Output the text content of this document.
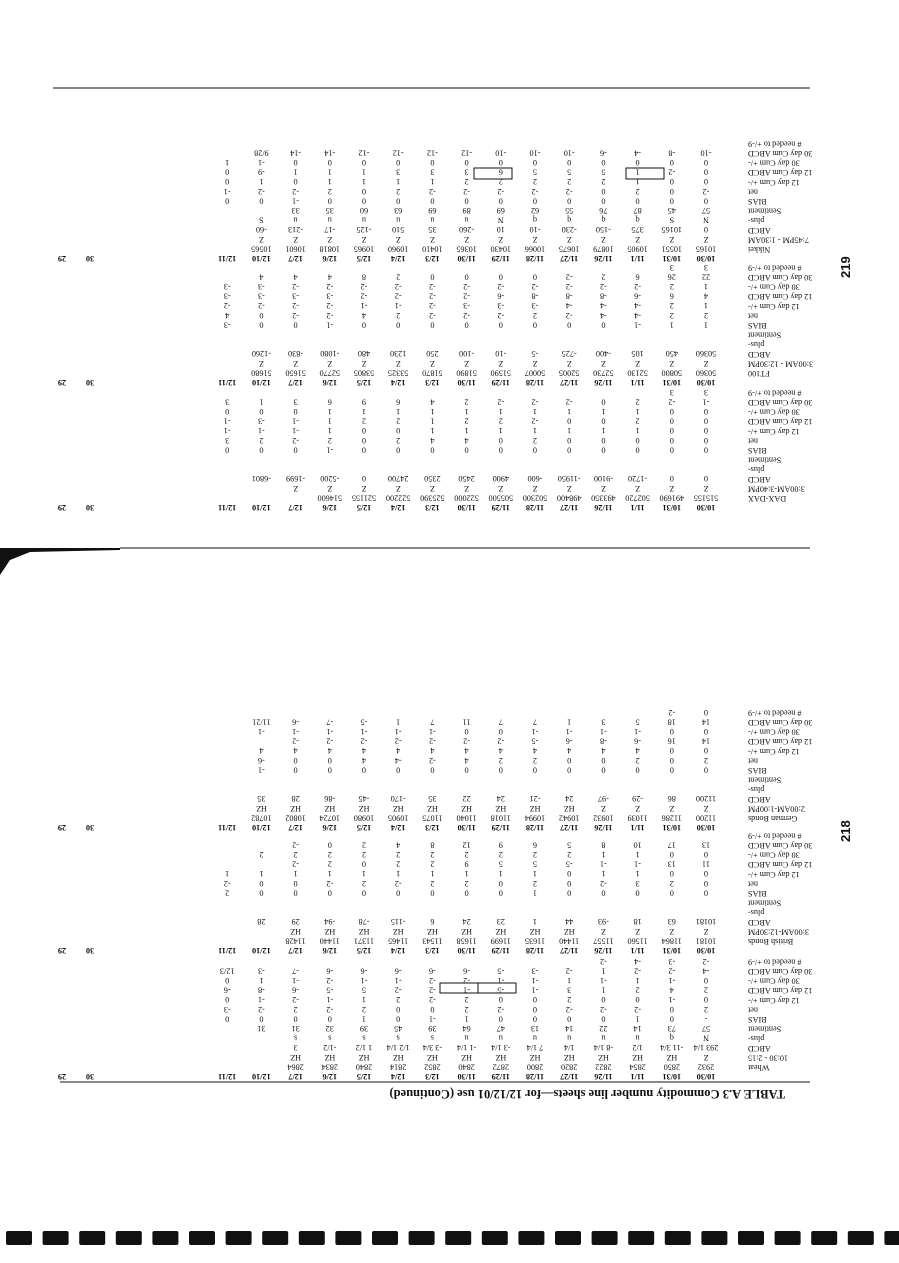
219
218
TABLE A.3 Commodity number line sheets—for 12/12/01 use (Continued)
10/30
10/31
11/1
11/26
11/27
11/28
11/29
11/30
12/3
12/4
12/5
12/6
12/7
12/10
12/11
30
29
Wheat
10:30 - 2:15
ABCD
plus-
Sentiment
BIAS
net
12 day Cum +/-
12 day Cum ABCD
30 day Cum +/-
30 day Cum ABCD
# needed to +/-9
2932
2850
2854
2822
2820
2800
2872
2840
2852
2814
2840
2834
2864
Z
HZ
HZ
HZ
HZ
HZ
HZ
HZ
HZ
HZ
HZ
HZ
HZ
293 1/4
-11 3/4
1/2
-8 1/4
1/4
7 1/4
-3 1/4
-1 1/4
-3 3/4
1/2 1/4
1 1/2
-1/2
3
N
q
u
u
u
u
u
u
s
s
s
s
s
57
73
14
22
14
13
47
64
39
45
39
32
31
31
-
0
1
0
0
0
0
1
-1
0
1
0
0
0
0
2
0
-2
-2
-2
0
-2
2
0
0
2
-2
2
-2
-3
0
-1
0
0
2
0
0
2
-2
2
1
-1
-2
-1
0
2
4
2
1
3
-1
-5
-1
-2
-2
5
-5
-6
-8
-6
0
-1
1
-1
1
-1
-1
-2
-2
-1
-1
-2
-1
1
0
-4
-2
-2
1
-2
-3
-5
-6
-6
-6
-6
-6
-7
-3
12/3
-2
-3
-4
-2
10/30
10/31
11/1
11/26
11/27
11/28
11/29
11/30
12/3
12/4
12/5
12/6
12/7
12/10
12/11
30
29
British Bonds
3:00AM-12:30PM
ABCD
plus-
Sentiment
BIAS
net
12 day Cum +/-
12 day Cum ABCD
30 day Cum +/-
30 day Cum ABCD
# needed to +/-9
10181
11864
11560
11557
11440
11635
11699
11658
11543
11465
11371
11440
11428
Z
Z
Z
Z
HZ
HZ
HZ
HZ
HZ
HZ
HZ
HZ
HZ
10181
63
18
-93
44
1
23
24
6
-115
-78
-94
29
28
0
0
0
0
0
1
0
0
0
0
0
0
0
0
2
0
2
3
-2
0
2
0
2
2
-2
2
-2
0
0
-2
0
0
1
1
0
1
1
1
1
1
1
1
1
1
1
11
13
-1
-1
-5
5
5
9
2
2
0
2
-2
0
0
1
1
2
2
2
2
2
2
2
2
2
2
13
17
10
8
5
6
9
12
8
4
2
0
-2
10/30
10/31
11/1
11/26
11/27
11/28
11/29
11/30
12/3
12/4
12/5
12/6
12/7
12/10
12/11
30
29
German Bonds
2:00AM-1:00PM
ABCD
plus-
Sentiment
BIAS
net
12 day Cum +/-
12 day Cum ABCD
30 day Cum +/-
30 day Cum ABCD
# needed to +/-9
11200
11286
11039
10932
10942
10994
11018
11040
11075
10905
10980
10724
10802
10782
Z
Z
Z
Z
HZ
HZ
HZ
HZ
HZ
HZ
HZ
HZ
HZ
HZ
11200
86
-29
-97
24
-21
24
22
35
-170
-45
-86
28
35
0
0
0
0
0
0
0
0
0
0
0
0
0
-1
2
0
2
0
0
2
2
4
-2
-4
4
0
0
-6
0
0
4
4
4
4
4
4
4
4
4
4
4
4
14
16
-6
-8
-6
-5
-2
-2
-2
-2
-2
-2
-2
0
0
-1
-1
-1
-1
0
0
-1
-1
-1
-1
-1
-1
14
18
5
3
1
7
7
11
7
1
-5
-7
-6
11/21
0
-2
10/30
10/31
11/1
11/26
11/27
11/28
11/29
11/30
12/3
12/4
12/5
12/6
12/7
12/10
12/11
30
29
DAX-DAX
3:00AM-3:40PM
ABCD
plus-
Sentiment
BIAS
net
12 day Cum +/-
12 day Cum ABCD
30 day Cum +/-
30 day Cum ABCD
# needed to +/-9
515155
491690
502720
493350
498400
502300
505500
522000
525390
522200
521155
514600
Z
Z
Z
Z
Z
Z
Z
Z
Z
Z
Z
Z
Z
0
0
-1720
-9100
-11950
-600
4900
2450
2350
24700
0
-5200
-1699
-6801
0
0
0
0
0
0
0
0
0
0
0
-1
0
0
0
0
0
0
0
0
2
0
4
4
2
0
2
-2
2
3
0
0
1
1
1
1
1
1
1
0
0
1
-1
-1
-1
0
0
2
0
0
-2
2
2
1
2
2
1
-1
-3
-1
0
0
1
1
1
1
1
1
1
1
1
1
0
0
0
-1
-2
2
0
-2
-2
-2
2
4
6
9
6
3
1
3
3
3
10/30
10/31
11/1
11/26
11/27
11/28
11/29
11/30
12/3
12/4
12/5
12/6
12/7
12/10
12/11
30
29
FT100
3:00AM - 12:30PM
ABCD
plus-
Sentiment
BIAS
net
12 day Cum +/-
12 day Cum ABCD
30 day Cum +/-
30 day Cum ABCD
# needed to +/-9
50360
50800
52130
52730
52005
50007
51590
51890
51870
53325
53805
52770
51650
51680
Z
Z
Z
Z
Z
Z
Z
Z
Z
Z
Z
Z
Z
Z
50360
450
105
-400
-725
-5
-10
-100
250
1230
480
-1080
-830
-1260
1
1
-1
0
0
0
0
0
0
0
0
-1
0
0
-3
2
2
-4
-4
-2
2
-2
-2
-2
2
4
-2
-2
0
4
1
2
-4
-4
-4
-3
-3
-3
-2
-1
-1
-2
-2
-2
-2
4
6
-6
-8
-8
-8
-6
-2
-2
-2
-2
-3
-3
-3
-3
1
2
-2
-2
-2
-2
-2
-2
-2
-2
-2
-2
-2
-3
-3
22
26
6
2
-2
0
0
0
0
2
8
4
4
4
3
3
10/30
10/31
11/1
11/26
11/27
11/28
11/29
11/30
12/3
12/4
12/5
12/6
12/7
12/10
12/11
30
29
Nikkei
7:45PM - 1:30AM
ABCD
plus-
Sentiment
BIAS
net
12 day Cum +/-
12 day Cum ABCD
30 day Cum +/-
30 day Cum ABCD
# needed to +/-9
10165
10551
10905
10879
10675
10066
10430
10365
10410
10960
10965
10818
10601
10565
Z
Z
Z
Z
Z
Z
Z
Z
Z
Z
Z
Z
Z
Z
0
10165
375
-150
-230
-10
10
-260
35
510
-125
-17
-213
-60
N
S
q
q
q
q
N
u
u
u
u
u
u
S
57
45
87
76
55
62
69
89
69
63
60
35
33
0
0
0
0
0
0
0
0
0
0
0
0
-1
0
0
-2
0
2
0
-2
-2
-2
-2
-2
2
0
2
-2
-2
-1
0
0
1
2
2
2
2
2
1
1
1
1
0
1
0
0
-2
1
5
5
5
6
3
3
3
1
1
1
-9
0
0
0
0
0
0
0
0
0
0
0
0
0
0
-1
1
-10
-8
-4
-6
-10
-10
-10
-12
-12
-12
-12
-14
-14
9/28
